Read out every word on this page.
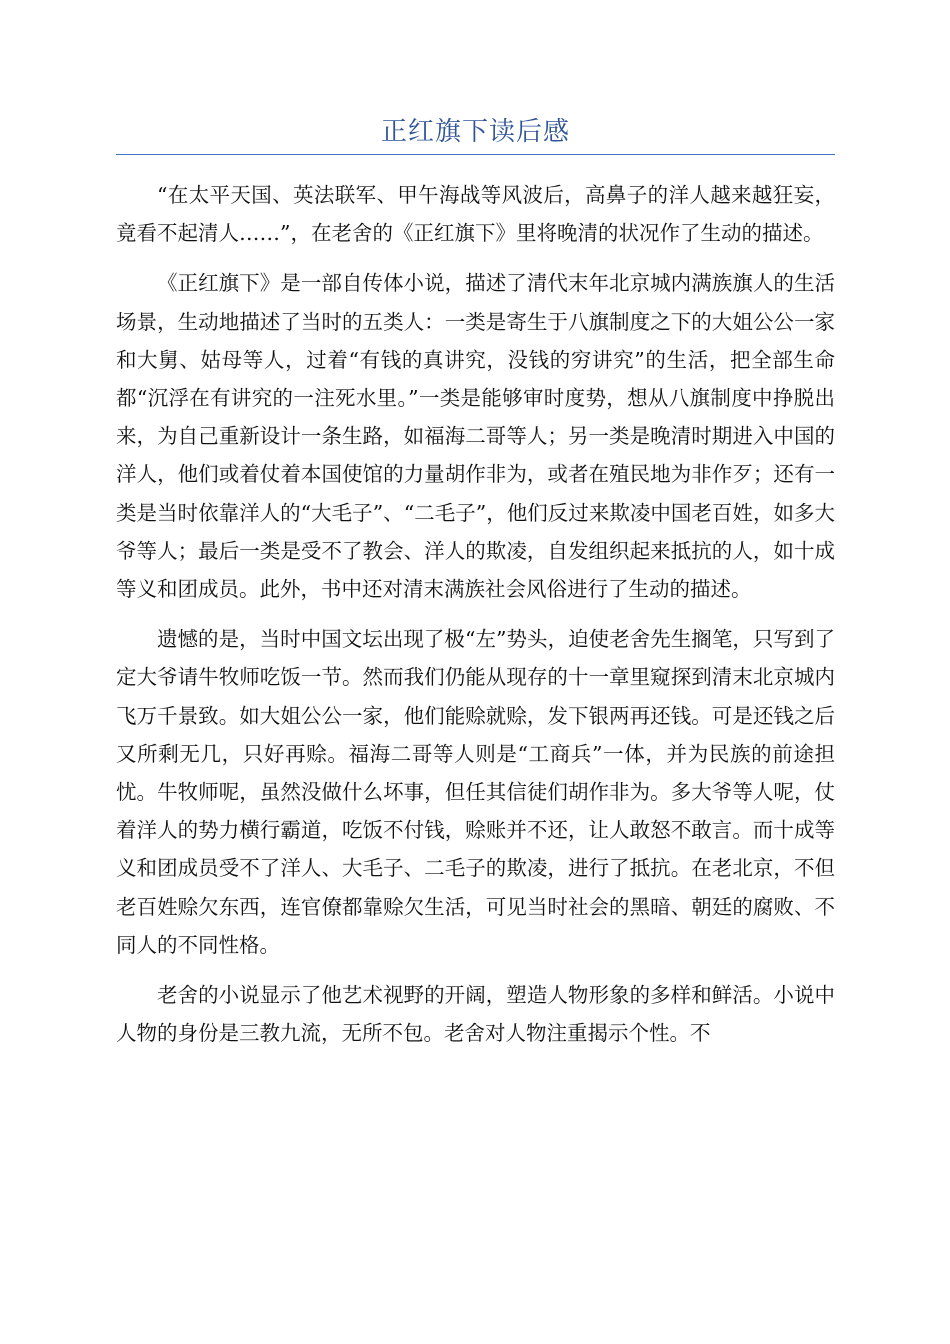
正红旗下读后感

“在太平天国、英法联军、甲午海战等风波后，高鼻子的洋人越来越狂妄，竟看不起清人……”，在老舍的《正红旗下》里将晚清的状况作了生动的描述。

《正红旗下》是一部自传体小说，描述了清代末年北京城内满族旗人的生活场景，生动地描述了当时的五类人：一类是寄生于八旗制度之下的大姐公公一家和大舅、姑母等人，过着“有钱的真讲究，没钱的穷讲究”的生活，把全部生命都“沉浮在有讲究的一注死水里。”一类是能够审时度势，想从八旗制度中挣脱出来，为自己重新设计一条生路，如福海二哥等人；另一类是晚清时期进入中国的洋人，他们或着仗着本国使馆的力量胡作非为，或者在殖民地为非作歹；还有一类是当时依靠洋人的“大毛子”、“二毛子”，他们反过来欺凌中国老百姓，如多大爷等人；最后一类是受不了教会、洋人的欺凌，自发组织起来抵抗的人，如十成等义和团成员。此外，书中还对清末满族社会风俗进行了生动的描述。

遗憾的是，当时中国文坛出现了极“左”势头，迫使老舍先生搁笔，只写到了定大爷请牛牧师吃饭一节。然而我们仍能从现存的十一章里窥探到清末北京城内飞万千景致。如大姐公公一家，他们能赊就赊，发下银两再还钱。可是还钱之后又所剩无几，只好再赊。福海二哥等人则是“工商兵”一体，并为民族的前途担忧。牛牧师呢，虽然没做什么坏事，但任其信徒们胡作非为。多大爷等人呢，仗着洋人的势力横行霸道，吃饭不付钱，赊账并不还，让人敢怒不敢言。而十成等义和团成员受不了洋人、大毛子、二毛子的欺凌，进行了抵抗。在老北京，不但老百姓赊欠东西，连官僚都靠赊欠生活，可见当时社会的黑暗、朝廷的腐败、不同人的不同性格。

老舍的小说显示了他艺术视野的开阔，塑造人物形象的多样和鲜活。小说中人物的身份是三教九流，无所不包。老舍对人物注重揭示个性。不
